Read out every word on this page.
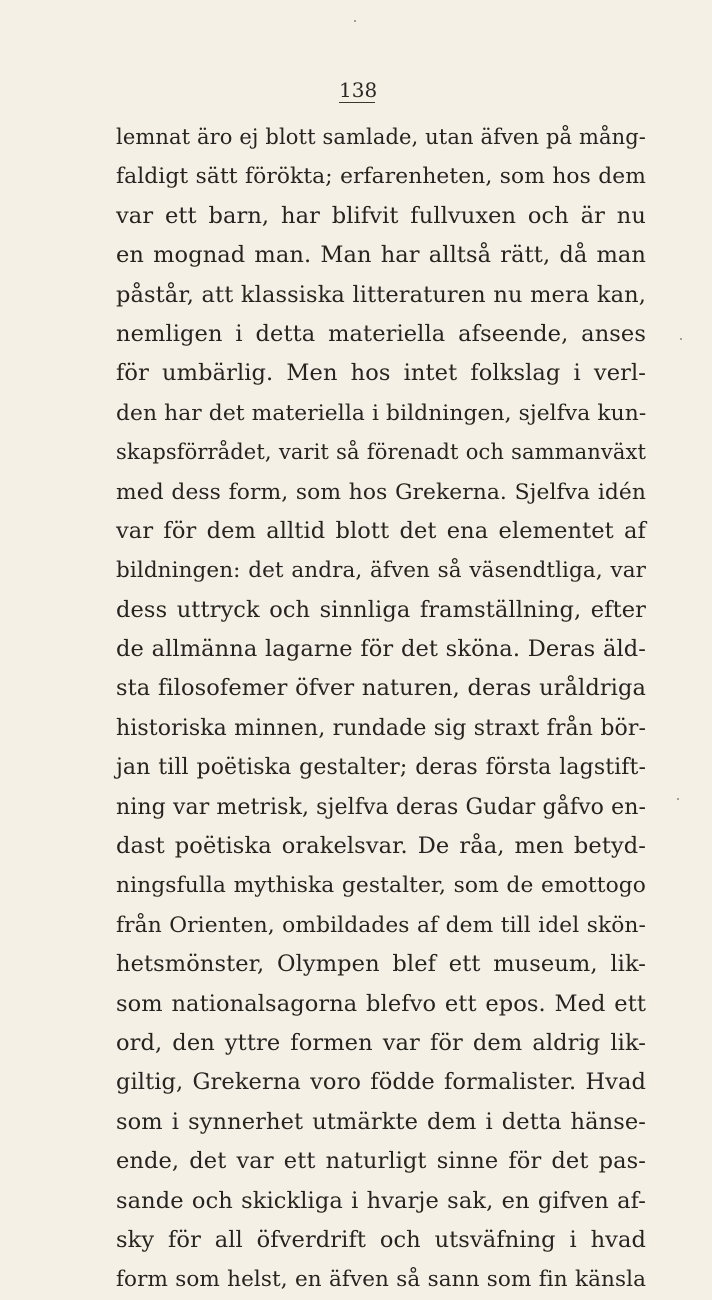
138
lemnat äro ej blott samlade, utan äfven på mång-
faldigt sätt förökta; erfarenheten, som hos dem
var ett barn, har blifvit fullvuxen och är nu
en mognad man. Man har alltså rätt, då man
påstår, att klassiska litteraturen nu mera kan,
nemligen i detta materiella afseende, anses
för umbärlig. Men hos intet folkslag i verl-
den har det materiella i bildningen, sjelfva kun-
skapsförrådet, varit så förenadt och sammanväxt
med dess form, som hos Grekerna. Sjelfva idén
var för dem alltid blott det ena elementet af
bildningen: det andra, äfven så väsendtliga, var
dess uttryck och sinnliga framställning, efter
de allmänna lagarne för det sköna. Deras äld-
sta filosofemer öfver naturen, deras uråldriga
historiska minnen, rundade sig straxt från bör-
jan till poëtiska gestalter; deras första lagstift-
ning var metrisk, sjelfva deras Gudar gåfvo en-
dast poëtiska orakelsvar. De råa, men betyd-
ningsfulla mythiska gestalter, som de emottogo
från Orienten, ombildades af dem till idel skön-
hetsmönster, Olympen blef ett museum, lik-
som nationalsagorna blefvo ett epos. Med ett
ord, den yttre formen var för dem aldrig lik-
giltig, Grekerna voro födde formalister. Hvad
som i synnerhet utmärkte dem i detta hänse-
ende, det var ett naturligt sinne för det pas-
sande och skickliga i hvarje sak, en gifven af-
sky för all öfverdrift och utsväfning i hvad
form som helst, en äfven så sann som fin känsla
